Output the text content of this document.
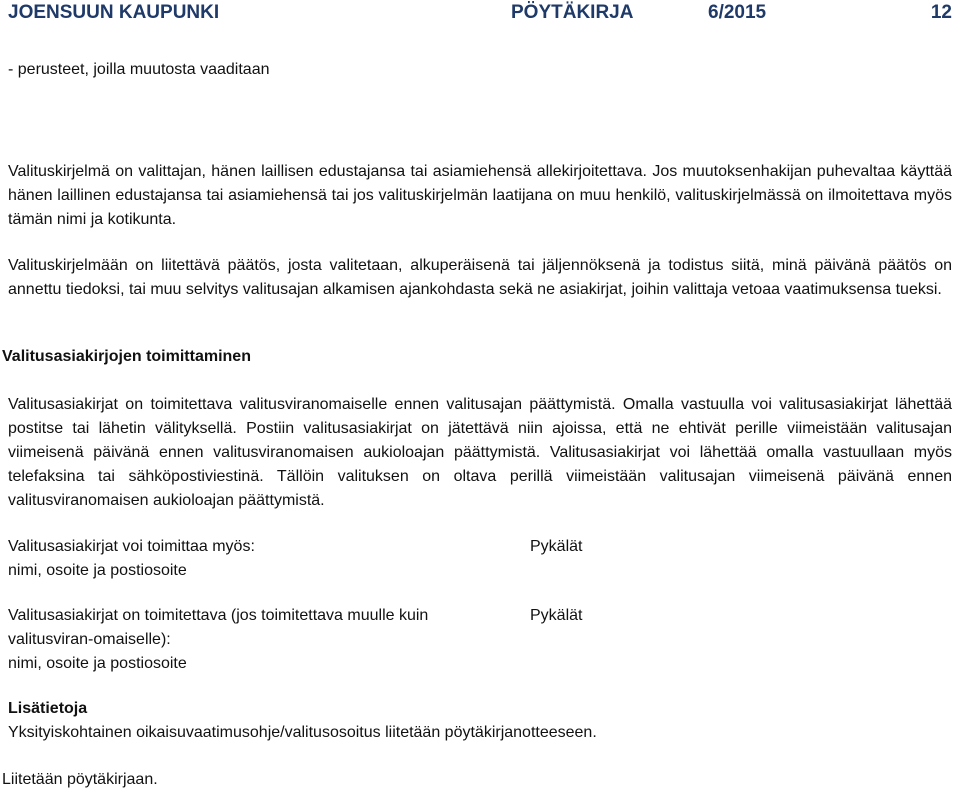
JOENSUUN KAUPUNKI	PÖYTÄKIRJA	6/2015	12

- perusteet, joilla muutosta vaaditaan

Valituskirjelmä on valittajan, hänen laillisen edustajansa tai asiamiehensä allekirjoitettava. Jos muutoksenhakijan puhevaltaa käyttää hänen laillinen edustajansa tai asiamiehensä tai jos valituskirjelmän laatijana on muu henkilö, valituskirjelmässä on ilmoitettava myös tämän nimi ja kotikunta.

Valituskirjelmään on liitettävä päätös, josta valitetaan, alkuperäisenä tai jäljennöksenä ja todistus siitä, minä päivänä päätös on annettu tiedoksi, tai muu selvitys valitusajan alkamisen ajankohdasta sekä ne asiakirjat, joihin valittaja vetoaa vaatimuksensa tueksi.

Valitusasiakirjojen toimittaminen

Valitusasiakirjat on toimitettava valitusviranomaiselle ennen valitusajan päättymistä. Omalla vastuulla voi valitusasiakirjat lähettää postitse tai lähetin välityksellä. Postiin valitusasiakirjat on jätettävä niin ajoissa, että ne ehtivät perille viimeistään valitusajan viimeisenä päivänä ennen valitusviranomaisen aukioloajan päättymistä. Valitusasiakirjat voi lähettää omalla vastuullaan myös telefaksina tai sähköpostiviestinä. Tällöin valituksen on oltava perillä viimeistään valitusajan viimeisenä päivänä ennen valitusviranomaisen aukioloajan päättymistä.

Valitusasiakirjat voi toimittaa myös:

nimi, osoite ja postiosoite

Pykälät

Valitusasiakirjat on toimitettava (jos toimitettava muulle kuin valitusviran-omaiselle):

nimi, osoite ja postiosoite

Pykälät

Lisätietoja

Yksityiskohtainen oikaisuvaatimusohje/valitusosoitus liitetään pöytäkirjanotteeseen.

Liitetään pöytäkirjaan.
